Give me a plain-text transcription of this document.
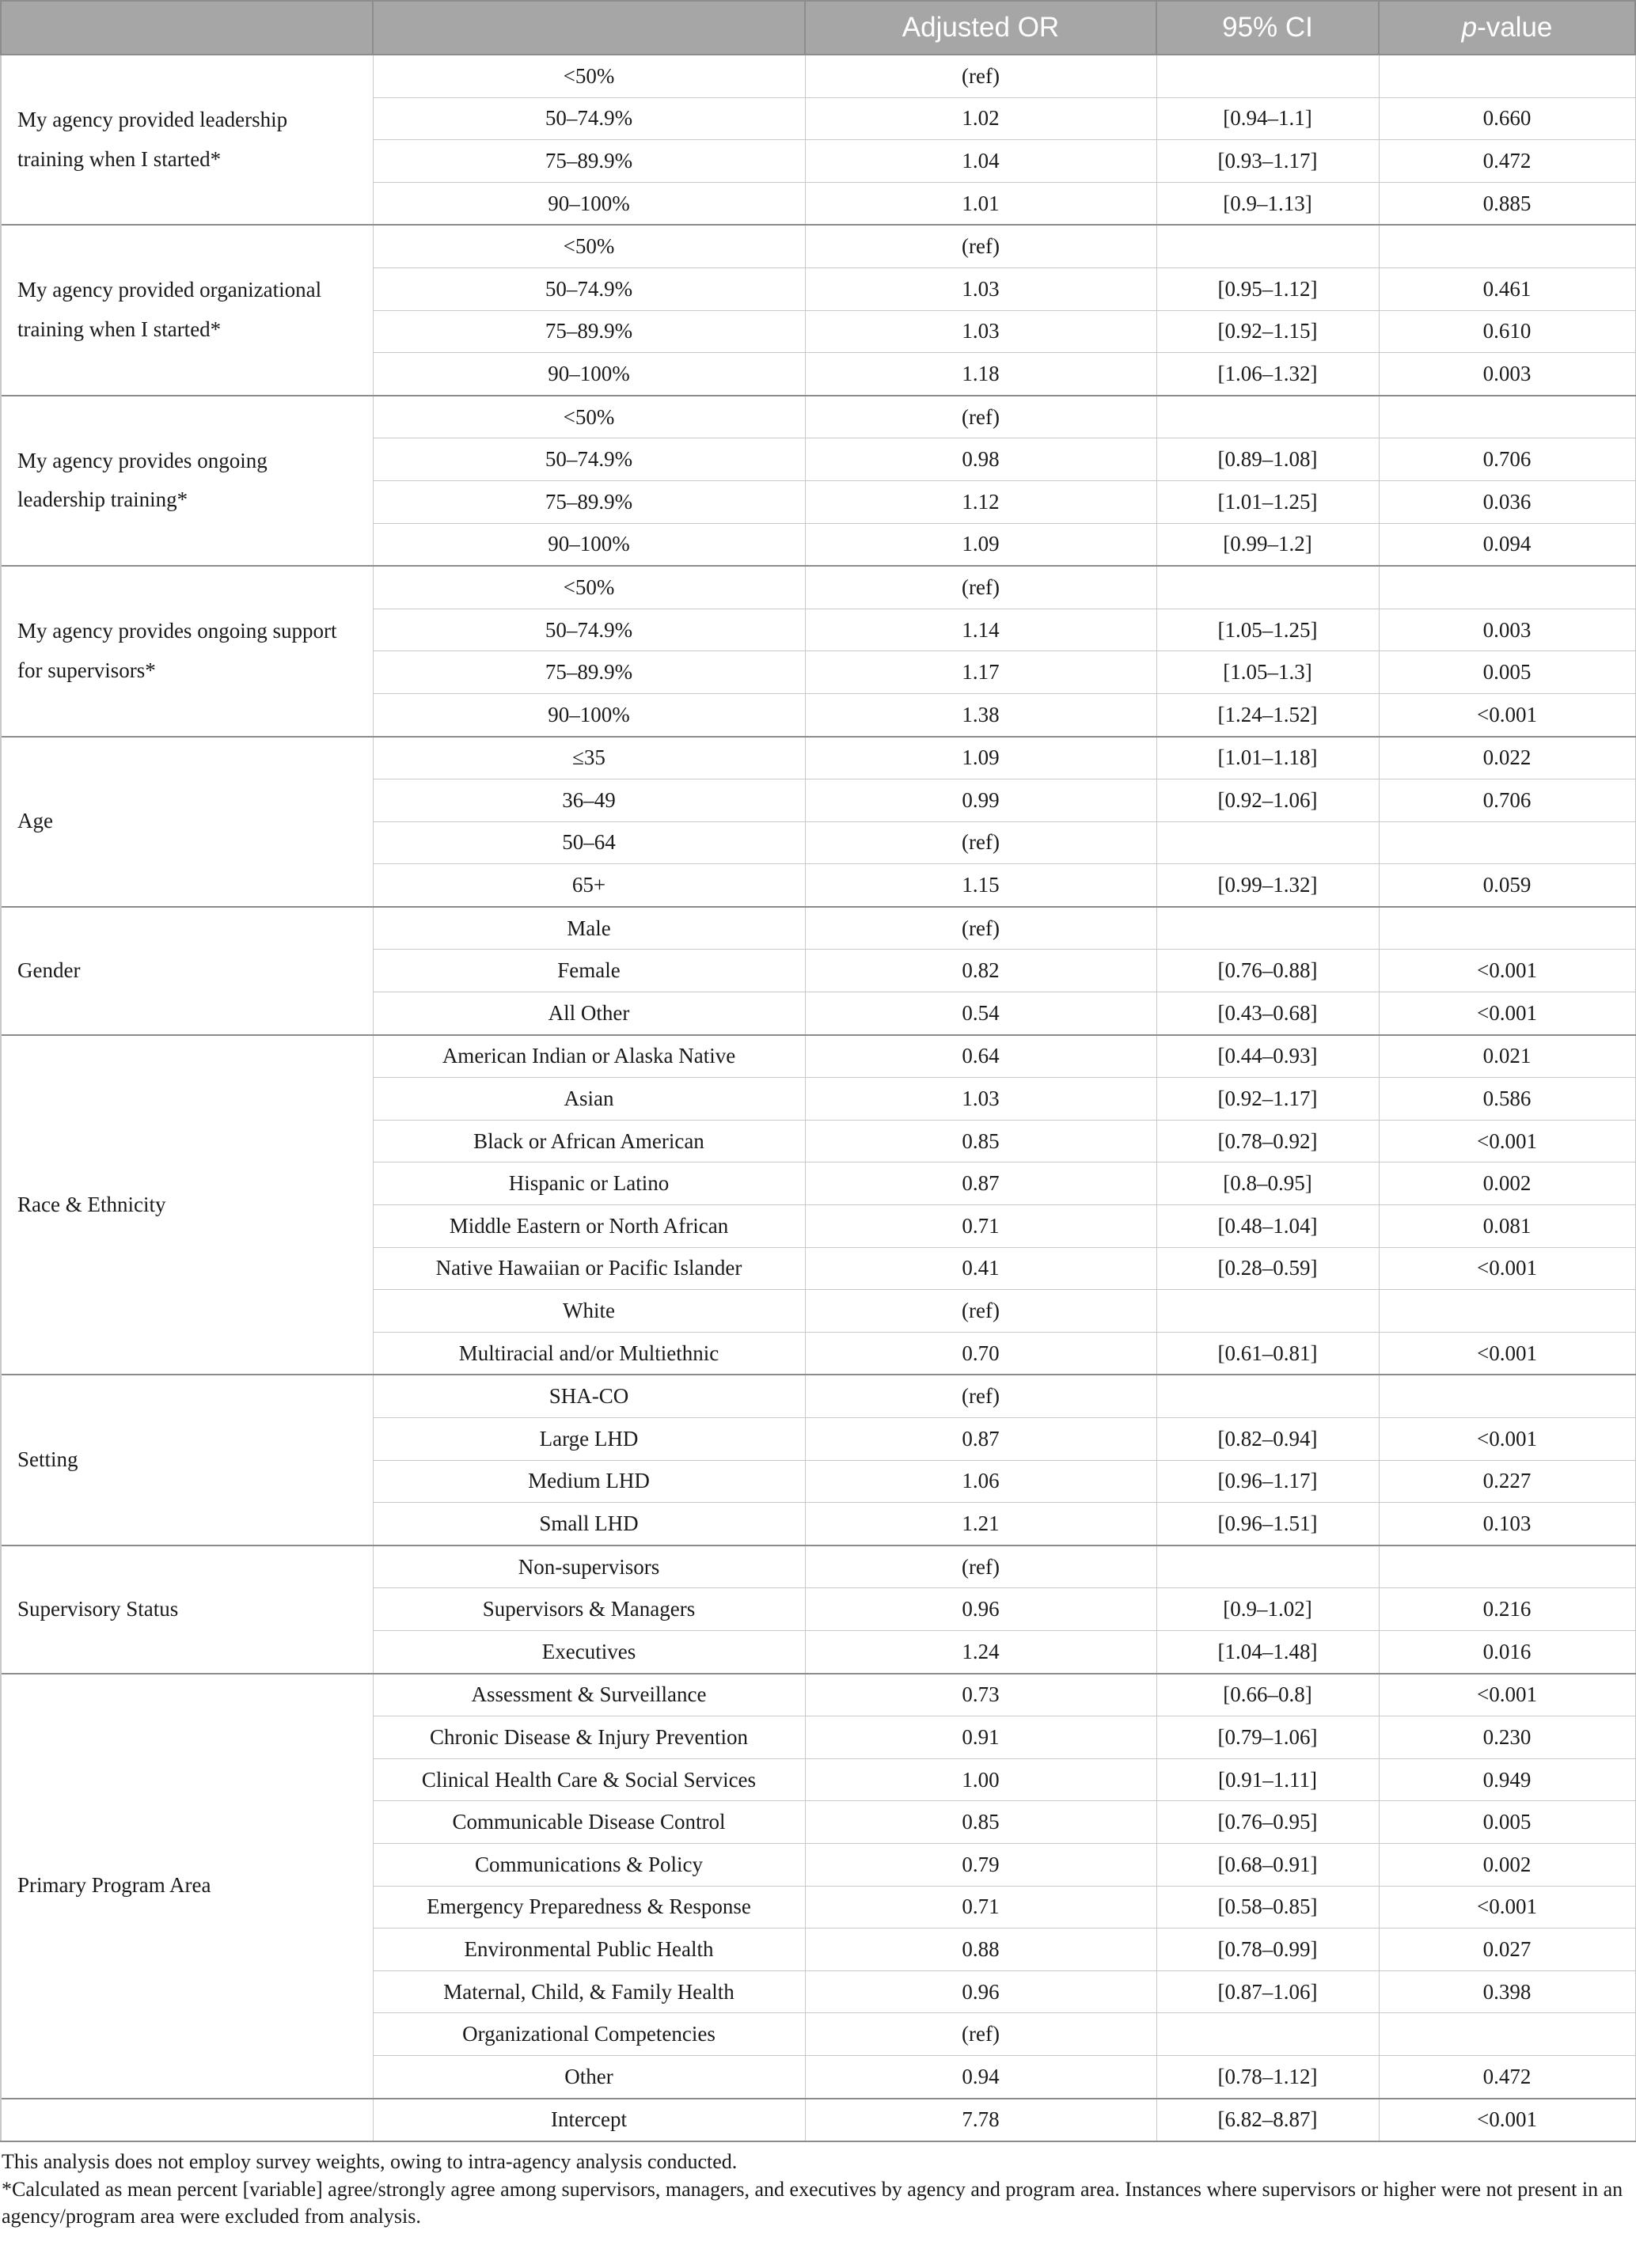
		Adjusted OR	95% CI	p-value
My agency provided leadership training when I started*	<50%	(ref)		
	50–74.9%	1.02	[0.94–1.1]	0.660
	75–89.9%	1.04	[0.93–1.17]	0.472
	90–100%	1.01	[0.9–1.13]	0.885
My agency provided organizational training when I started*	<50%	(ref)		
	50–74.9%	1.03	[0.95–1.12]	0.461
	75–89.9%	1.03	[0.92–1.15]	0.610
	90–100%	1.18	[1.06–1.32]	0.003
My agency provides ongoing leadership training*	<50%	(ref)		
	50–74.9%	0.98	[0.89–1.08]	0.706
	75–89.9%	1.12	[1.01–1.25]	0.036
	90–100%	1.09	[0.99–1.2]	0.094
My agency provides ongoing support for supervisors*	<50%	(ref)		
	50–74.9%	1.14	[1.05–1.25]	0.003
	75–89.9%	1.17	[1.05–1.3]	0.005
	90–100%	1.38	[1.24–1.52]	<0.001
Age	≤35	1.09	[1.01–1.18]	0.022
	36–49	0.99	[0.92–1.06]	0.706
	50–64	(ref)		
	65+	1.15	[0.99–1.32]	0.059
Gender	Male	(ref)		
	Female	0.82	[0.76–0.88]	<0.001
	All Other	0.54	[0.43–0.68]	<0.001
Race & Ethnicity	American Indian or Alaska Native	0.64	[0.44–0.93]	0.021
	Asian	1.03	[0.92–1.17]	0.586
	Black or African American	0.85	[0.78–0.92]	<0.001
	Hispanic or Latino	0.87	[0.8–0.95]	0.002
	Middle Eastern or North African	0.71	[0.48–1.04]	0.081
	Native Hawaiian or Pacific Islander	0.41	[0.28–0.59]	<0.001
	White	(ref)		
	Multiracial and/or Multiethnic	0.70	[0.61–0.81]	<0.001
Setting	SHA-CO	(ref)		
	Large LHD	0.87	[0.82–0.94]	<0.001
	Medium LHD	1.06	[0.96–1.17]	0.227
	Small LHD	1.21	[0.96–1.51]	0.103
Supervisory Status	Non-supervisors	(ref)		
	Supervisors & Managers	0.96	[0.9–1.02]	0.216
	Executives	1.24	[1.04–1.48]	0.016
Primary Program Area	Assessment & Surveillance	0.73	[0.66–0.8]	<0.001
	Chronic Disease & Injury Prevention	0.91	[0.79–1.06]	0.230
	Clinical Health Care & Social Services	1.00	[0.91–1.11]	0.949
	Communicable Disease Control	0.85	[0.76–0.95]	0.005
	Communications & Policy	0.79	[0.68–0.91]	0.002
	Emergency Preparedness & Response	0.71	[0.58–0.85]	<0.001
	Environmental Public Health	0.88	[0.78–0.99]	0.027
	Maternal, Child, & Family Health	0.96	[0.87–1.06]	0.398
	Organizational Competencies	(ref)		
	Other	0.94	[0.78–1.12]	0.472
	Intercept	7.78	[6.82–8.87]	<0.001

This analysis does not employ survey weights, owing to intra-agency analysis conducted.

*Calculated as mean percent [variable] agree/strongly agree among supervisors, managers, and executives by agency and program area. Instances where supervisors or higher were not present in an agency/program area were excluded from analysis.
